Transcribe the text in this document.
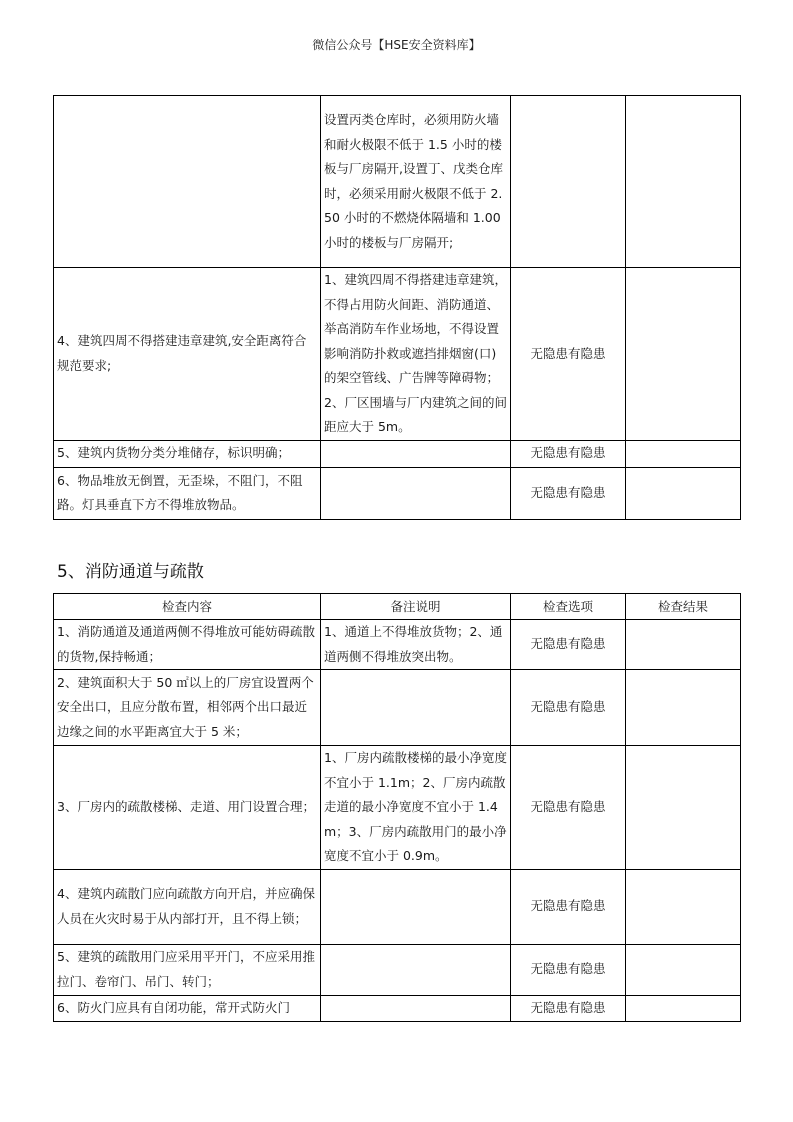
微信公众号【HSE安全资料库】
	设置丙类仓库时，必须用防火墙和耐火极限不低于 1.5 小时的楼板与厂房隔开,设置丁、戊类仓库时，必须采用耐火极限不低于 2.50 小时的不燃烧体隔墙和 1.00 小时的楼板与厂房隔开;		
4、建筑四周不得搭建违章建筑,安全距离符合规范要求;	1、建筑四周不得搭建违章建筑，不得占用防火间距、消防通道、举高消防车作业场地，不得设置影响消防扑救或遮挡排烟窗(口)的架空管线、广告牌等障碍物；2、厂区围墙与厂内建筑之间的间距应大于 5m。	无隐患有隐患	
5、建筑内货物分类分堆储存，标识明确；		无隐患有隐患	
6、物品堆放无倒置，无歪垛，不阻门，不阻路。灯具垂直下方不得堆放物品。		无隐患有隐患	
5、消防通道与疏散
检查内容	备注说明	检查选项	检查结果
1、消防通道及通道两侧不得堆放可能妨碍疏散的货物,保持畅通；	1、通道上不得堆放货物；2、通道两侧不得堆放突出物。	无隐患有隐患	
2、建筑面积大于 50 ㎡以上的厂房宜设置两个安全出口，且应分散布置，相邻两个出口最近边缘之间的水平距离宜大于 5 米；		无隐患有隐患	
3、厂房内的疏散楼梯、走道、用门设置合理；	1、厂房内疏散楼梯的最小净宽度不宜小于 1.1m；2、厂房内疏散走道的最小净宽度不宜小于 1.4m；3、厂房内疏散用门的最小净宽度不宜小于 0.9m。	无隐患有隐患	
4、建筑内疏散门应向疏散方向开启，并应确保人员在火灾时易于从内部打开，且不得上锁；		无隐患有隐患	
5、建筑的疏散用门应采用平开门，不应采用推拉门、卷帘门、吊门、转门；		无隐患有隐患	
6、防火门应具有自闭功能，常开式防火门		无隐患有隐患	
